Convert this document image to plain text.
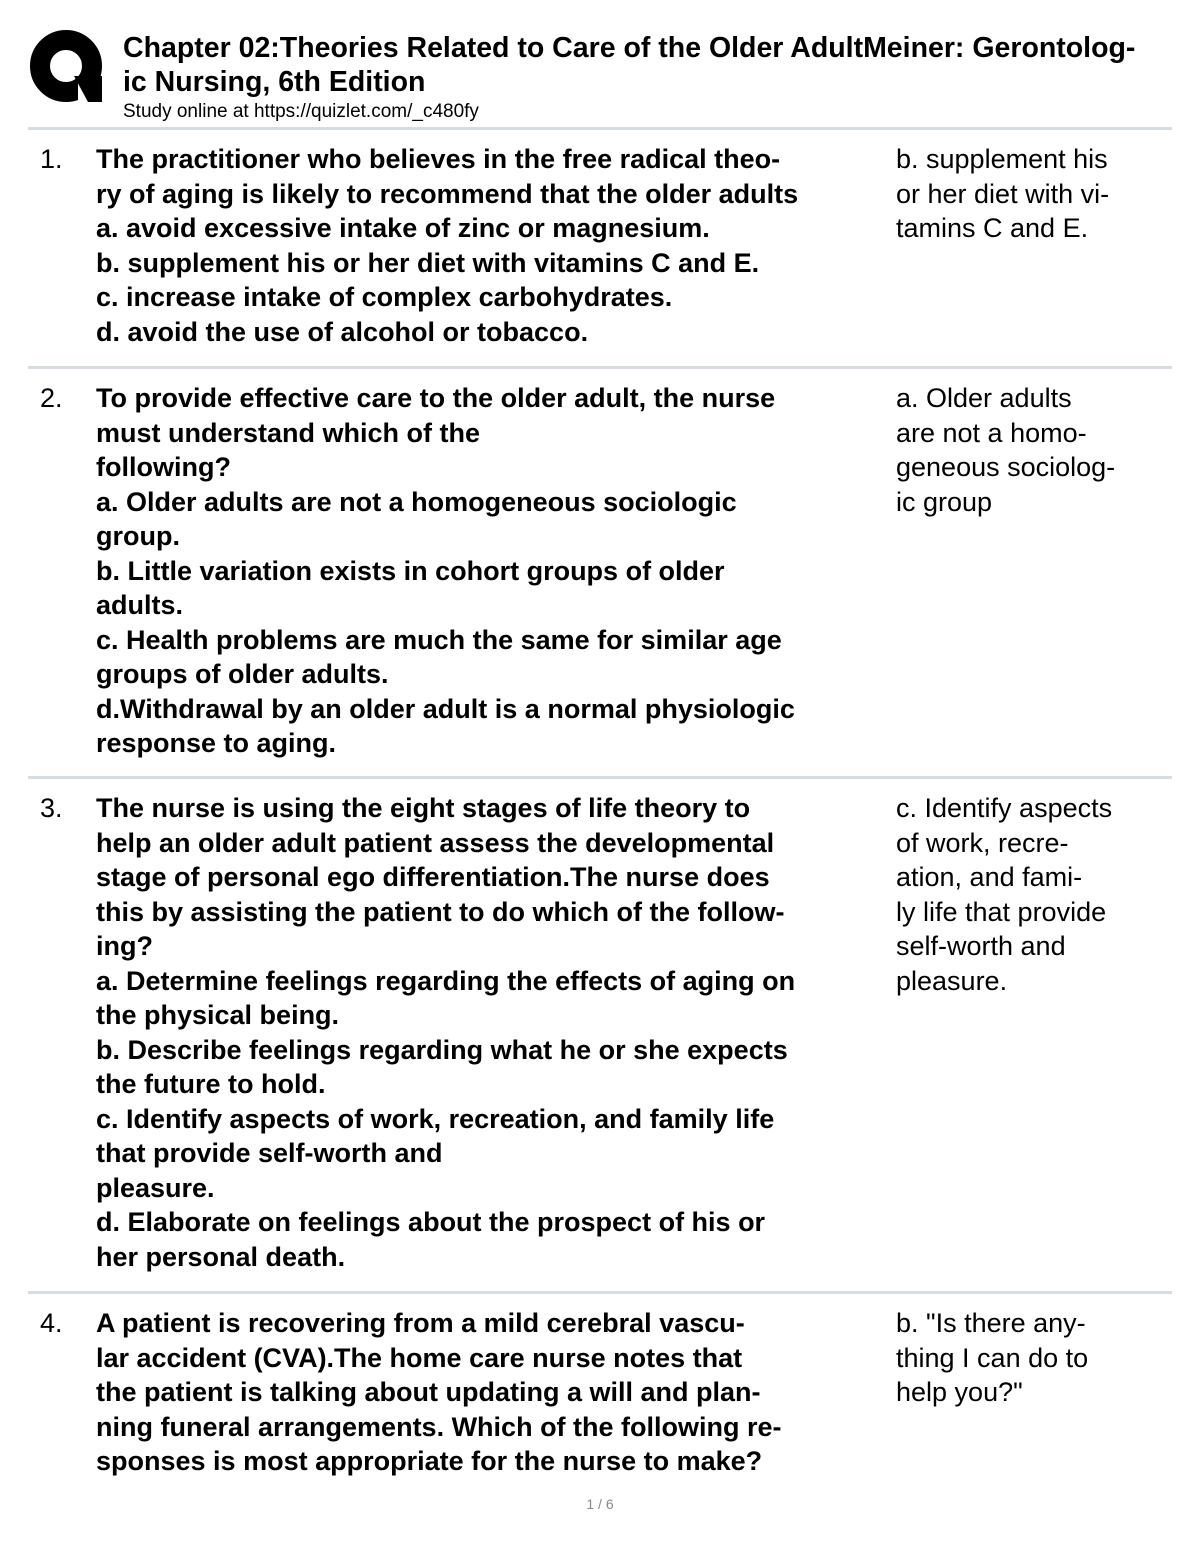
Chapter 02:Theories Related to Care of the Older AdultMeiner: Gerontolog-
ic Nursing, 6th Edition
Study online at https://quizlet.com/_c480fy
1. The practitioner who believes in the free radical theo-
ry of aging is likely to recommend that the older adults
a. avoid excessive intake of zinc or magnesium.
b. supplement his or her diet with vitamins C and E.
c. increase intake of complex carbohydrates.
d. avoid the use of alcohol or tobacco.
b. supplement his
or her diet with vi-
tamins C and E.
2. To provide effective care to the older adult, the nurse
must understand which of the
following?
a. Older adults are not a homogeneous sociologic
group.
b. Little variation exists in cohort groups of older
adults.
c. Health problems are much the same for similar age
groups of older adults.
d.Withdrawal by an older adult is a normal physiologic
response to aging.
a. Older adults
are not a homo-
geneous sociolog-
ic group
3. The nurse is using the eight stages of life theory to
help an older adult patient assess the developmental
stage of personal ego differentiation.The nurse does
this by assisting the patient to do which of the follow-
ing?
a. Determine feelings regarding the effects of aging on
the physical being.
b. Describe feelings regarding what he or she expects
the future to hold.
c. Identify aspects of work, recreation, and family life
that provide self-worth and
pleasure.
d. Elaborate on feelings about the prospect of his or
her personal death.
c. Identify aspects
of work, recre-
ation, and fami-
ly life that provide
self-worth and
pleasure.
4. A patient is recovering from a mild cerebral vascu-
lar accident (CVA).The home care nurse notes that
the patient is talking about updating a will and plan-
ning funeral arrangements. Which of the following re-
sponses is most appropriate for the nurse to make?
b. "Is there any-
thing I can do to
help you?"
1 / 6
